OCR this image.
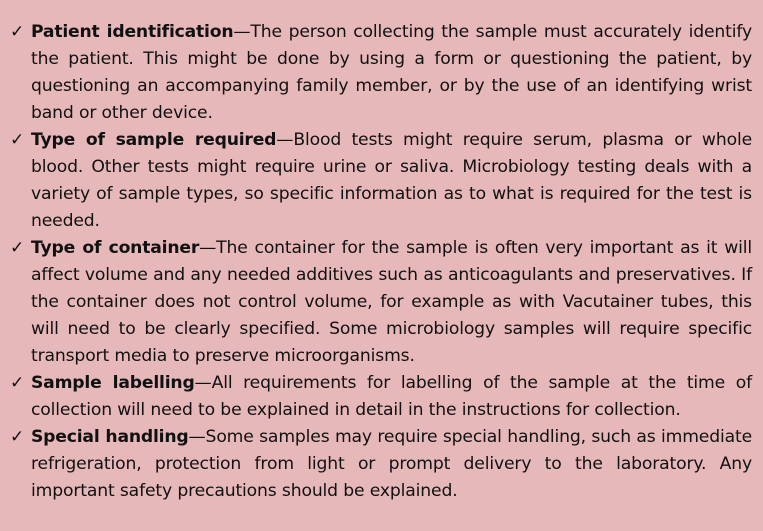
✓ Patient identification—The person collecting the sample must accurately identify the patient. This might be done by using a form or questioning the patient, by questioning an accompanying family member, or by the use of an identifying wrist band or other device.
✓ Type of sample required—Blood tests might require serum, plasma or whole blood. Other tests might require urine or saliva. Microbiology testing deals with a variety of sample types, so specific information as to what is required for the test is needed.
✓ Type of container—The container for the sample is often very important as it will affect volume and any needed additives such as anticoagulants and preservatives. If the container does not control volume, for example as with Vacutainer tubes, this will need to be clearly specified. Some microbiology samples will require specific transport media to preserve microorganisms.
✓ Sample labelling—All requirements for labelling of the sample at the time of collection will need to be explained in detail in the instructions for collection.
✓ Special handling—Some samples may require special handling, such as immediate refrigeration, protection from light or prompt delivery to the laboratory. Any important safety precautions should be explained.
